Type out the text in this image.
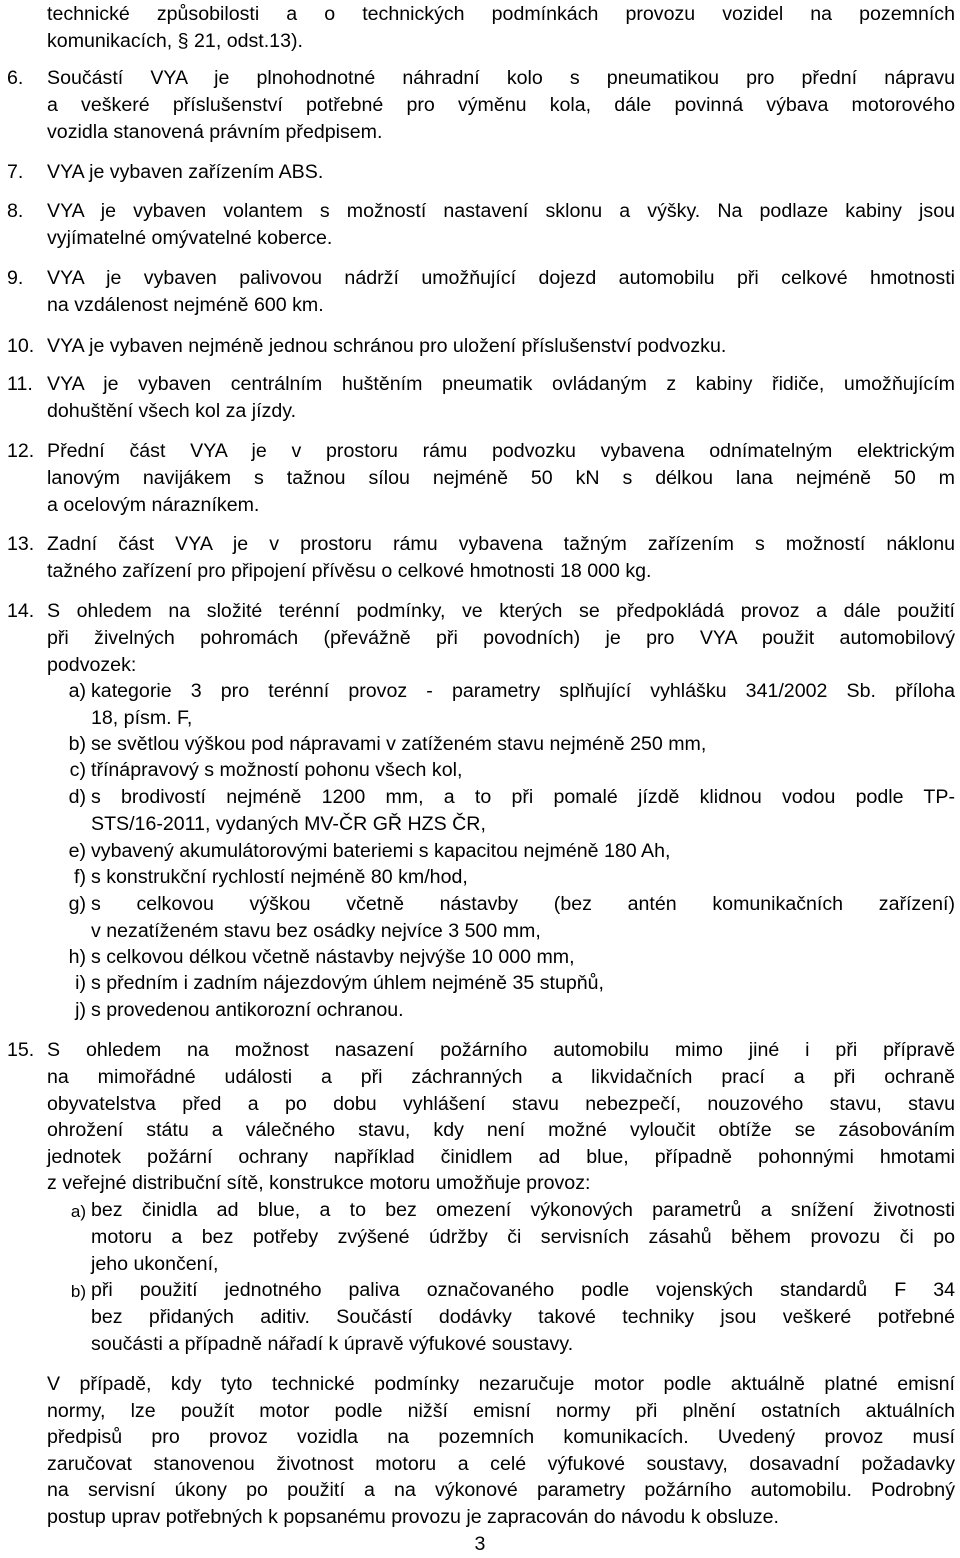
technické způsobilosti a o technických podmínkách provozu vozidel na pozemních
komunikacích, § 21, odst.13).
6. Součástí VYA je plnohodnotné náhradní kolo s pneumatikou pro přední nápravu
a veškeré příslušenství potřebné pro výměnu kola, dále povinná výbava motorového
vozidla stanovená právním předpisem.
7. VYA je vybaven zařízením ABS.
8. VYA je vybaven volantem s možností nastavení sklonu a výšky. Na podlaze kabiny jsou
vyjímatelné omývatelné koberce.
9. VYA je vybaven palivovou nádrží umožňující dojezd automobilu při celkové hmotnosti
na vzdálenost nejméně 600 km.
10. VYA je vybaven nejméně jednou schránou pro uložení příslušenství podvozku.
11. VYA je vybaven centrálním huštěním pneumatik ovládaným z kabiny řidiče, umožňujícím
dohuštění všech kol za jízdy.
12. Přední část VYA je v prostoru rámu podvozku vybavena odnímatelným elektrickým
lanovým navijákem s tažnou sílou nejméně 50 kN s délkou lana nejméně 50 m
a ocelovým nárazníkem.
13. Zadní část VYA je v prostoru rámu vybavena tažným zařízením s možností náklonu
tažného zařízení pro připojení přívěsu o celkové hmotnosti 18 000 kg.
14. S ohledem na složité terénní podmínky, ve kterých se předpokládá provoz a dále použití
při živelných pohromách (převážně při povodních) je pro VYA použit automobilový
podvozek:
a) kategorie 3 pro terénní provoz - parametry splňující vyhlášku 341/2002 Sb. příloha
18, písm. F,
b) se světlou výškou pod nápravami v zatíženém stavu nejméně 250 mm,
c) třínápravový s možností pohonu všech kol,
d) s brodivostí nejméně 1200 mm, a to při pomalé jízdě klidnou vodou podle TP-
STS/16-2011, vydaných MV-ČR GŘ HZS ČR,
e) vybavený akumulátorovými bateriemi s kapacitou nejméně 180 Ah,
f) s konstrukční rychlostí nejméně 80 km/hod,
g) s celkovou výškou včetně nástavby (bez antén komunikačních zařízení)
v nezatíženém stavu bez osádky nejvíce 3 500 mm,
h) s celkovou délkou včetně nástavby nejvýše 10 000 mm,
i) s předním i zadním nájezdovým úhlem nejméně 35 stupňů,
j) s provedenou antikorozní ochranou.
15. S ohledem na možnost nasazení požárního automobilu mimo jiné i při přípravě
na mimořádné události a při záchranných a likvidačních prací a při ochraně
obyvatelstva před a po dobu vyhlášení stavu nebezpečí, nouzového stavu, stavu
ohrožení státu a válečného stavu, kdy není možné vyloučit obtíže se zásobováním
jednotek požární ochrany například činidlem ad blue, případně pohonnými hmotami
z veřejné distribuční sítě, konstrukce motoru umožňuje provoz:
a) bez činidla ad blue, a to bez omezení výkonových parametrů a snížení životnosti
motoru a bez potřeby zvýšené údržby či servisních zásahů během provozu či po
jeho ukončení,
b) při použití jednotného paliva označovaného podle vojenských standardů F 34
bez přidaných aditiv. Součástí dodávky takové techniky jsou veškeré potřebné
součásti a případně nářadí k úpravě výfukové soustavy.
V případě, kdy tyto technické podmínky nezaručuje motor podle aktuálně platné emisní
normy, lze použít motor podle nižší emisní normy při plnění ostatních aktuálních
předpisů pro provoz vozidla na pozemních komunikacích. Uvedený provoz musí
zaručovat stanovenou životnost motoru a celé výfukové soustavy, dosavadní požadavky
na servisní úkony po použití a na výkonové parametry požárního automobilu. Podrobný
postup uprav potřebných k popsanému provozu je zapracován do návodu k obsluze.
3
